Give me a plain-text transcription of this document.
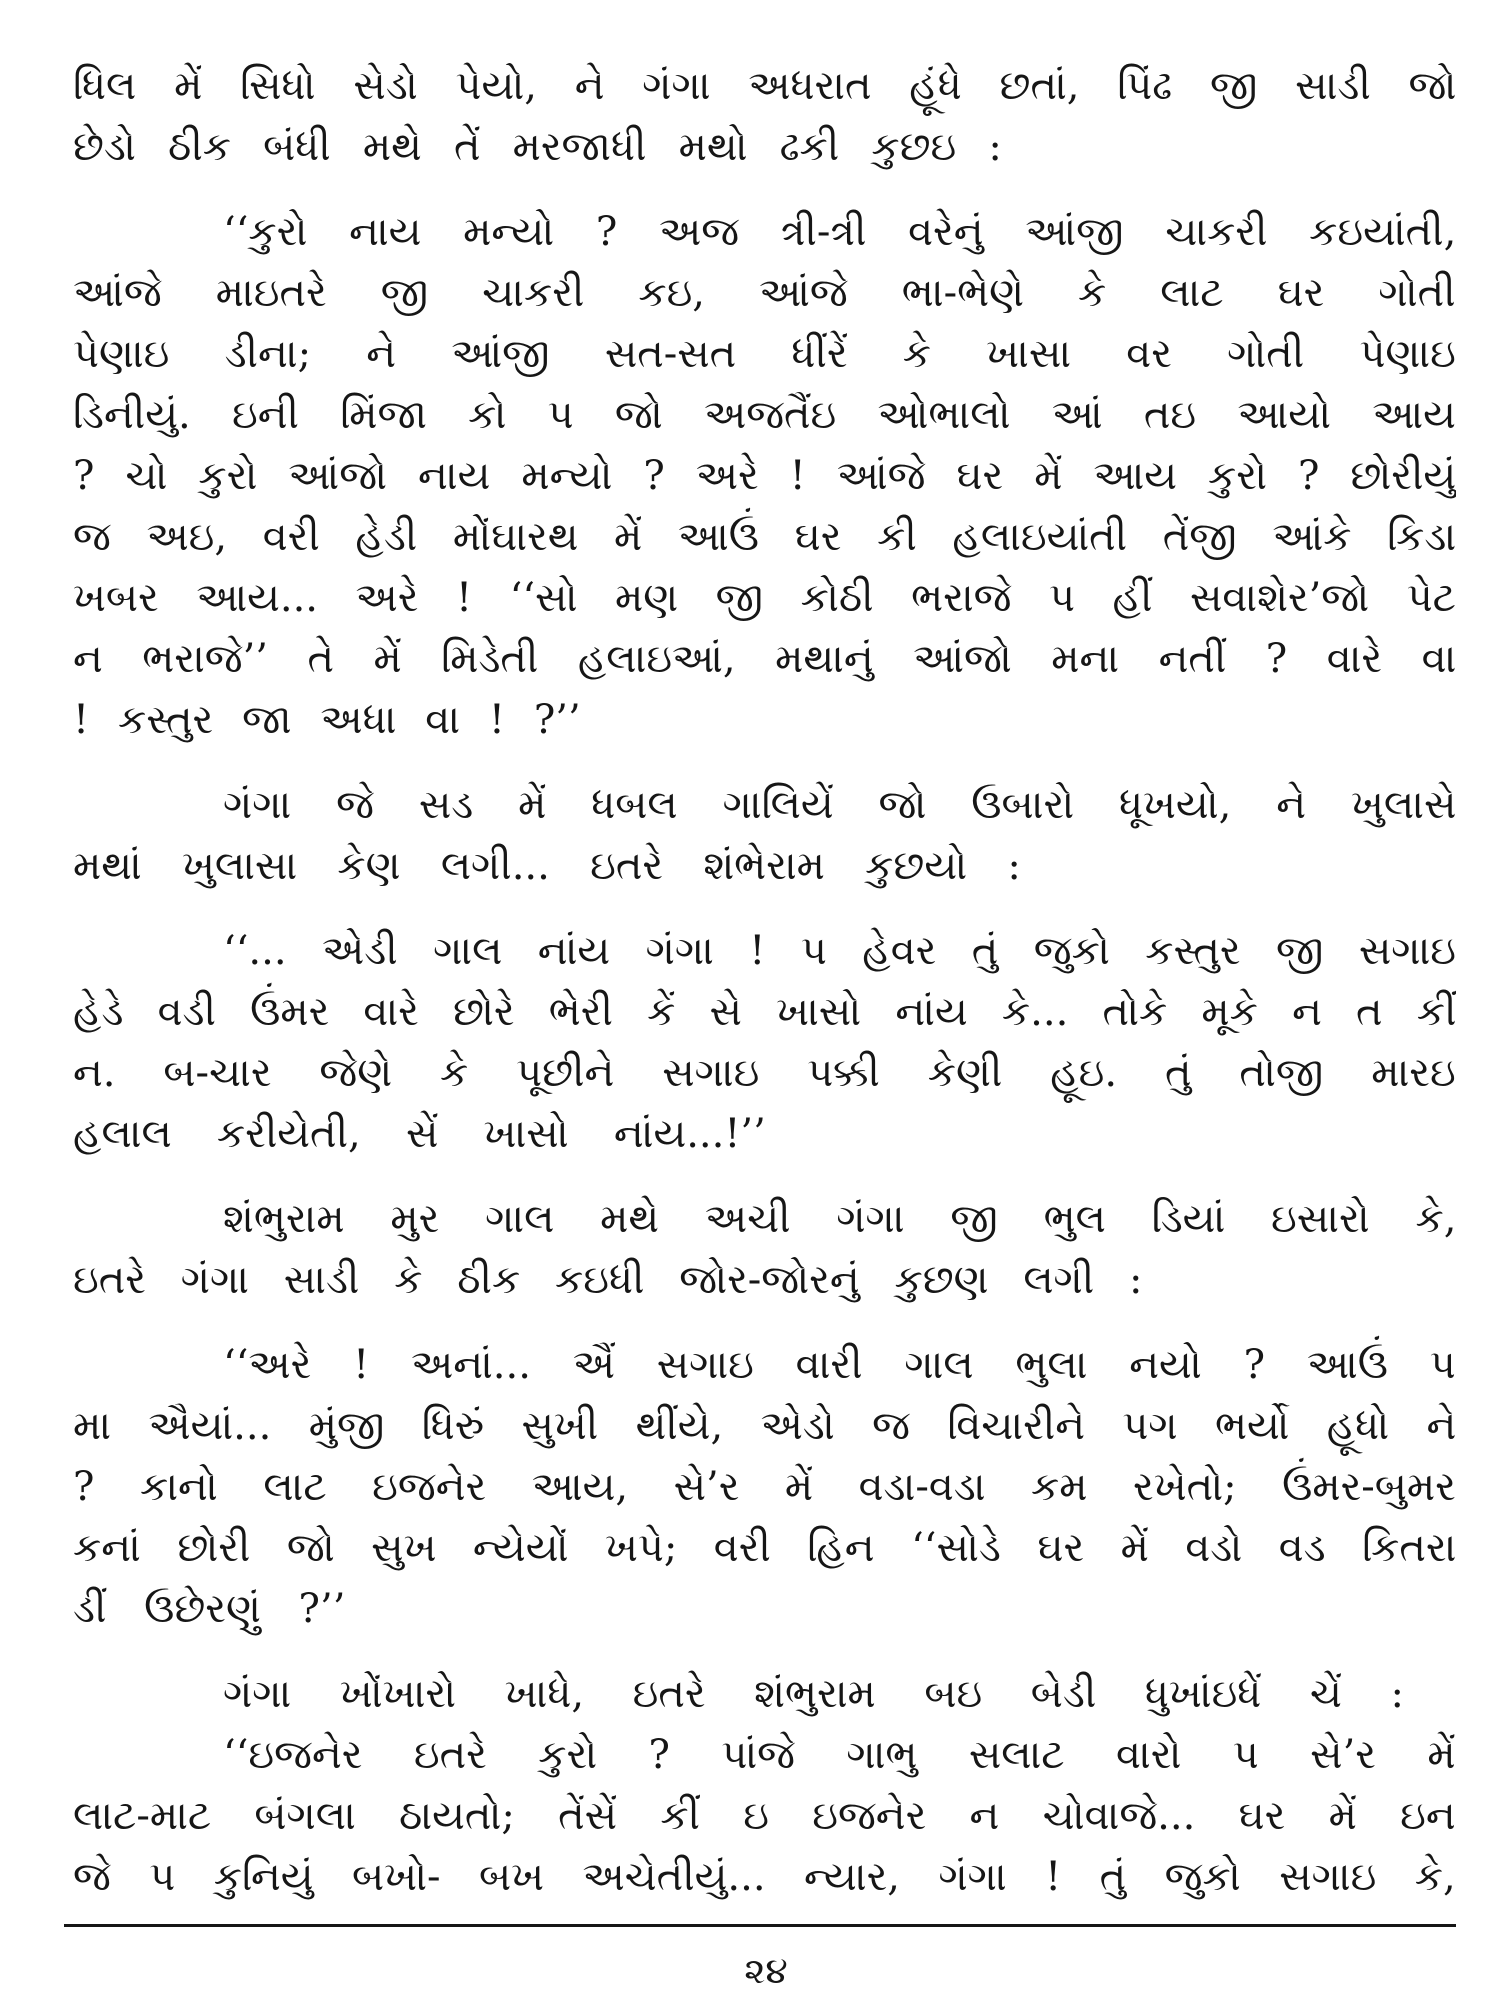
ધિલ મેં સિધો સેડો પેયો, ને ગંગા અધરાત હૂંધે છતાં, પિંઢ જી સાડી જો
છેડો ઠીક બંધી મથે તેં મરજાધી મથો ઢકી કુછઇ :
‘‘કુરો નાય મન્યો ? અજ ત્રી-ત્રી વરેનું આંજી ચાકરી કઇયાંતી,
આંજે માઇતરે જી ચાકરી કઇ, આંજે ભા-ભેણે કે લાટ ઘર ગોતી
પેણાઇ ડીના; ને આંજી સત-સત ધીંરેં કે ખાસા વર ગોતી પેણાઇ
ડિનીયું. ઇની મિંજા કો પ જો અજતૈંઇ ઓભાલો આં તઇ આયો આય
? ચો કુરો આંજો નાય મન્યો ? અરે ! આંજે ઘર મેં આય કુરો ? છોરીયું
જ અઇ, વરી હેડી મોંઘારથ મેં આઉં ઘર કી હલાઇયાંતી તેંજી આંકે કિડા
ખબર આય... અરે ! ‘‘સો મણ જી કોઠી ભરાજે પ હીં સવાશેર’જો પેટ
ન ભરાજે’’ તે મેં મિડેતી હલાઇઆં, મથાનું આંજો મના નતીં ? વારે વા
! કસ્તુર જા અધા વા ! ?’’
ગંગા જે સડ મેં ધબલ ગાલિયેં જો ઉબારો ધૂખયો, ને ખુલાસે
મથાં ખુલાસા કેણ લગી... ઇતરે શંભેરામ કુછયો :
‘‘... એડી ગાલ નાંય ગંગા ! પ હેવર તું જુકો કસ્તુર જી સગાઇ
હેડે વડી ઉંમર વારે છોરે ભેરી કેં સે ખાસો નાંય કે... તોકે મૂકે ન ત કીં
ન. બ-ચાર જેણે કે પૂછીને સગાઇ પક્કી કેણી હૂઇ. તું તોજી મારઇ
હલાલ કરીયેતી, સેં ખાસો નાંય...!’’
શંભુરામ મુર ગાલ મથે અચી ગંગા જી ભુલ ડિયાં ઇસારો કે,
ઇતરે ગંગા સાડી કે ઠીક કઇધી જોર-જોરનું કુછણ લગી :
‘‘અરે ! અનાં... ઐં સગાઇ વારી ગાલ ભુલા નયો ? આઉં પ
મા ઐયાં... મુંજી ધિરું સુખી થીંયે, એડો જ વિચારીને પગ ભર્યો હૂધો ને
? કાનો લાટ ઇજનેર આય, સે’ર મેં વડા-વડા કમ રખેતો; ઉંમર-બુમર
કનાં છોરી જો સુખ ન્યેયોં ખપે; વરી હિન ‘‘સોડે ઘર મેં વડો વડ કિતરા
ડીં ઉછેરણું ?’’
ગંગા ખોંખારો ખાધે, ઇતરે શંભુરામ બઇ બેડી ધુખાંઇધેં ચેં :
‘‘ઇજનેર ઇતરે કુરો ? પાંજે ગાભુ સલાટ વારો પ સે’ર મેં
લાટ-માટ બંગલા ઠાયતો; તેંસેં કીં ઇ ઇજનેર ન ચોવાજે... ઘર મેં ઇન
જે પ કુનિયું બખો- બખ અચેતીયું... ન્યાર, ગંગા ! તું જુકો સગાઇ કે,
૨૪
